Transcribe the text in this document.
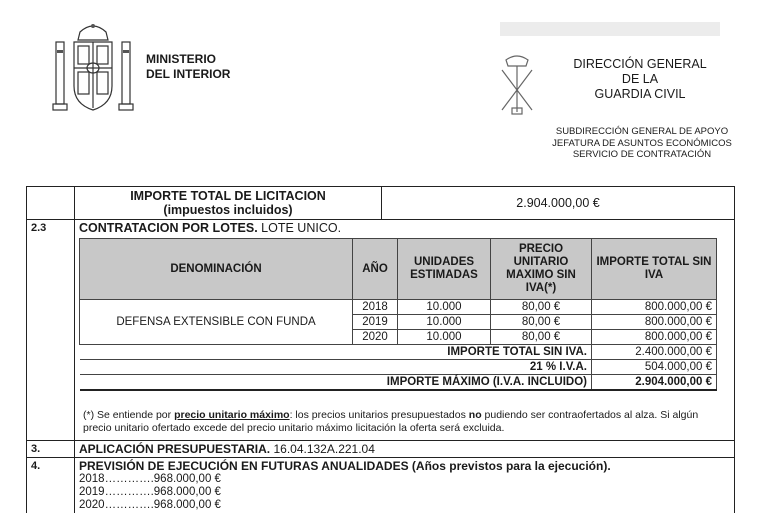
MINISTERIO
DEL INTERIOR
DIRECCIÓN GENERAL
DE LA
GUARDIA CIVIL
SUBDIRECCIÓN GENERAL DE APOYO
JEFATURA DE ASUNTOS ECONÓMICOS
SERVICIO DE CONTRATACIÓN
IMPORTE TOTAL DE LICITACION
(impuestos incluidos)	2.904.000,00 €
2.3	CONTRATACION POR LOTES. LOTE UNICO.
DENOMINACIÓN	AÑO	UNIDADES ESTIMADAS	PRECIO UNITARIO MAXIMO SIN IVA(*)	IMPORTE TOTAL SIN IVA
DEFENSA EXTENSIBLE CON FUNDA	2018	10.000	80,00 €	800.000,00 €
	2019	10.000	80,00 €	800.000,00 €
	2020	10.000	80,00 €	800.000,00 €
IMPORTE TOTAL SIN IVA.				2.400.000,00 €
21 % I.V.A.				504.000,00 €
IMPORTE MÁXIMO (I.V.A. INCLUIDO)				2.904.000,00 €
(*) Se entiende por precio unitario máximo: los precios unitarios presupuestados no pudiendo ser contraofertados al alza. Si algún precio unitario ofertado excede del precio unitario máximo licitación la oferta será excluida.
3.	APLICACIÓN PRESUPUESTARIA. 16.04.132A.221.04
4.	PREVISIÓN DE EJECUCIÓN EN FUTURAS ANUALIDADES (Años previstos para la ejecución).
2018………….968.000,00 €
2019………….968.000,00 €
2020………….968.000,00 €
